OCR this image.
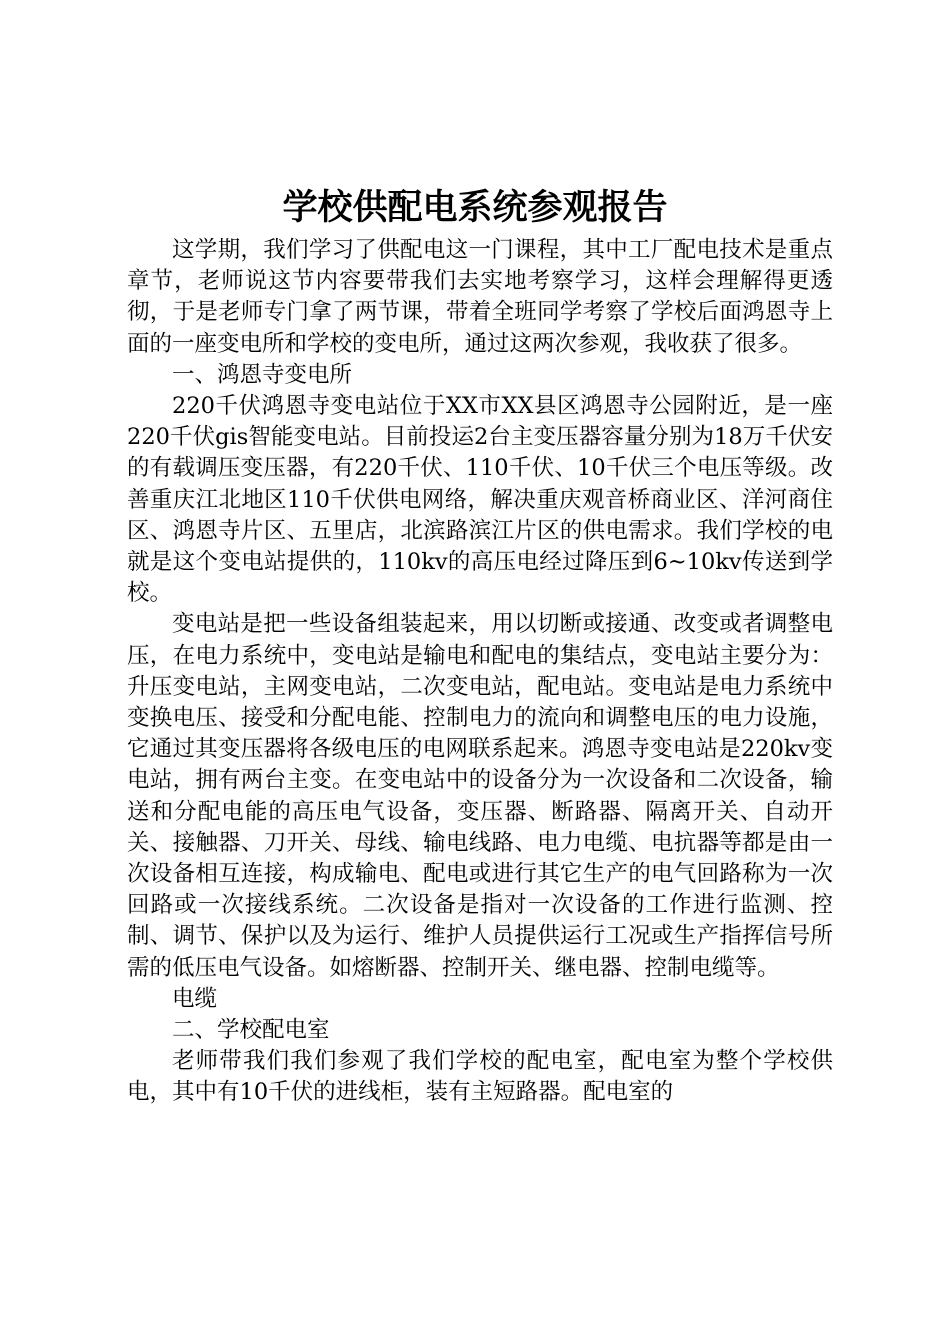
学校供配电系统参观报告

这学期，我们学习了供配电这一门课程，其中工厂配电技术是重点章节，老师说这节内容要带我们去实地考察学习，这样会理解得更透彻，于是老师专门拿了两节课，带着全班同学考察了学校后面鸿恩寺上面的一座变电所和学校的变电所，通过这两次参观，我收获了很多。

一、鸿恩寺变电所

220千伏鸿恩寺变电站位于XX市XX县区鸿恩寺公园附近，是一座220千伏gis智能变电站。目前投运2台主变压器容量分别为18万千伏安的有载调压变压器，有220千伏、110千伏、10千伏三个电压等级。改善重庆江北地区110千伏供电网络，解决重庆观音桥商业区、洋河商住区、鸿恩寺片区、五里店，北滨路滨江片区的供电需求。我们学校的电就是这个变电站提供的，110kv的高压电经过降压到6~10kv传送到学校。

变电站是把一些设备组装起来，用以切断或接通、改变或者调整电压，在电力系统中，变电站是输电和配电的集结点，变电站主要分为：升压变电站，主网变电站，二次变电站，配电站。变电站是电力系统中变换电压、接受和分配电能、控制电力的流向和调整电压的电力设施，它通过其变压器将各级电压的电网联系起来。鸿恩寺变电站是220kv变电站，拥有两台主变。在变电站中的设备分为一次设备和二次设备，输送和分配电能的高压电气设备，变压器、断路器、隔离开关、自动开关、接触器、刀开关、母线、输电线路、电力电缆、电抗器等都是由一次设备相互连接，构成输电、配电或进行其它生产的电气回路称为一次回路或一次接线系统。二次设备是指对一次设备的工作进行监测、控制、调节、保护以及为运行、维护人员提供运行工况或生产指挥信号所需的低压电气设备。如熔断器、控制开关、继电器、控制电缆等。

电缆

二、学校配电室

老师带我们我们参观了我们学校的配电室，配电室为整个学校供电，其中有10千伏的进线柜，装有主短路器。配电室的
